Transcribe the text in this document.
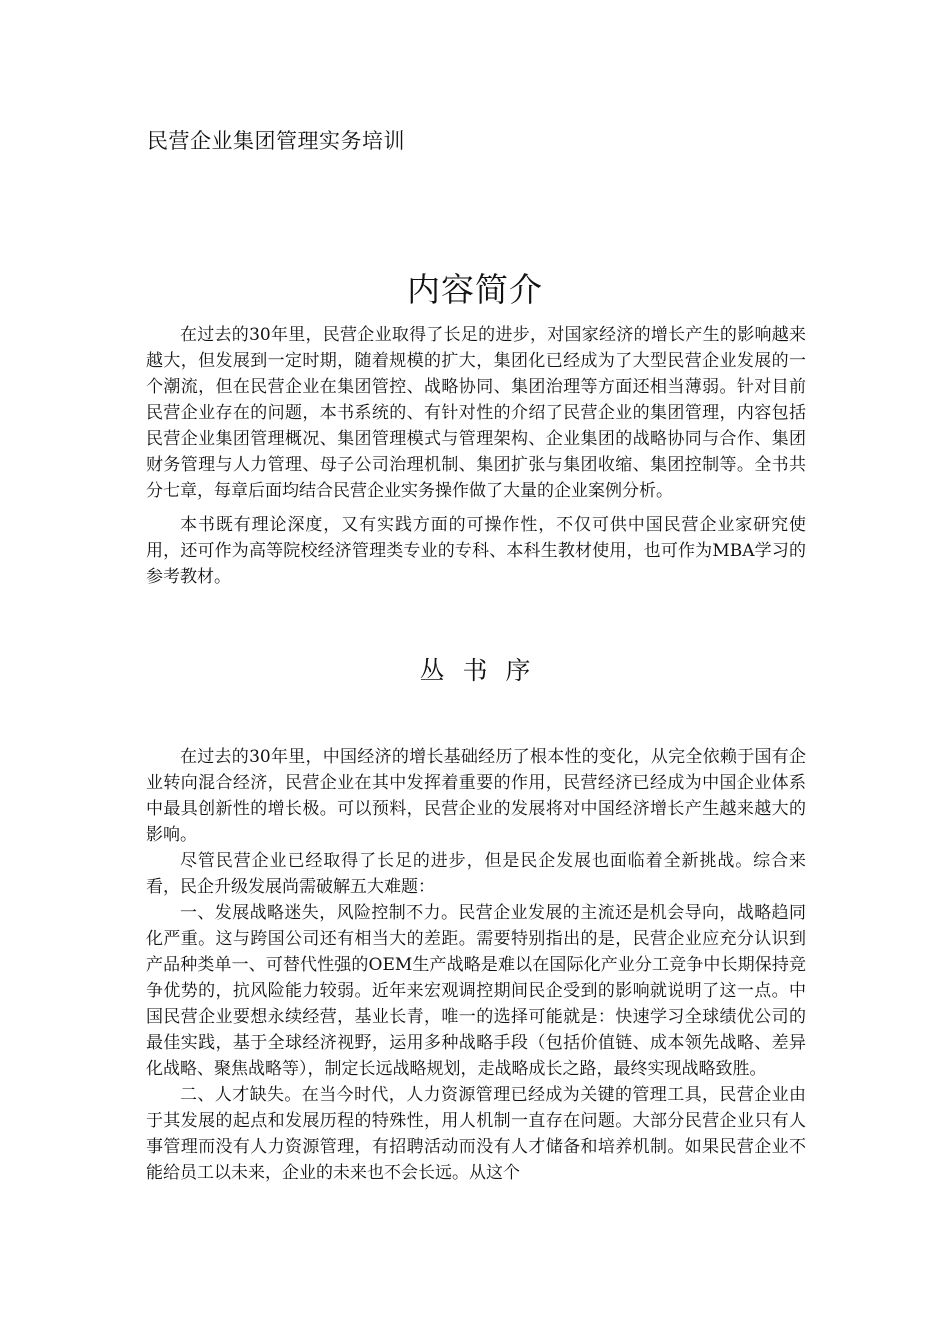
民营企业集团管理实务培训
内容简介

在过去的30年里，民营企业取得了长足的进步，对国家经济的增长产生的影响越来越大，但发展到一定时期，随着规模的扩大，集团化已经成为了大型民营企业发展的一个潮流，但在民营企业在集团管控、战略协同、集团治理等方面还相当薄弱。针对目前民营企业存在的问题，本书系统的、有针对性的介绍了民营企业的集团管理，内容包括民营企业集团管理概况、集团管理模式与管理架构、企业集团的战略协同与合作、集团财务管理与人力管理、母子公司治理机制、集团扩张与集团收缩、集团控制等。全书共分七章，每章后面均结合民营企业实务操作做了大量的企业案例分析。

本书既有理论深度，又有实践方面的可操作性，不仅可供中国民营企业家研究使用，还可作为高等院校经济管理类专业的专科、本科生教材使用，也可作为MBA学习的参考教材。

丛书序

在过去的30年里，中国经济的增长基础经历了根本性的变化，从完全依赖于国有企业转向混合经济，民营企业在其中发挥着重要的作用，民营经济已经成为中国企业体系中最具创新性的增长极。可以预料，民营企业的发展将对中国经济增长产生越来越大的影响。

尽管民营企业已经取得了长足的进步，但是民企发展也面临着全新挑战。综合来看，民企升级发展尚需破解五大难题：

一、发展战略迷失，风险控制不力。民营企业发展的主流还是机会导向，战略趋同化严重。这与跨国公司还有相当大的差距。需要特别指出的是，民营企业应充分认识到产品种类单一、可替代性强的OEM生产战略是难以在国际化产业分工竞争中长期保持竞争优势的，抗风险能力较弱。近年来宏观调控期间民企受到的影响就说明了这一点。中国民营企业要想永续经营，基业长青，唯一的选择可能就是：快速学习全球绩优公司的最佳实践，基于全球经济视野，运用多种战略手段（包括价值链、成本领先战略、差异化战略、聚焦战略等），制定长远战略规划，走战略成长之路，最终实现战略致胜。

二、人才缺失。在当今时代，人力资源管理已经成为关键的管理工具，民营企业由于其发展的起点和发展历程的特殊性，用人机制一直存在问题。大部分民营企业只有人事管理而没有人力资源管理，有招聘活动而没有人才储备和培养机制。如果民营企业不能给员工以未来，企业的未来也不会长远。从这个
